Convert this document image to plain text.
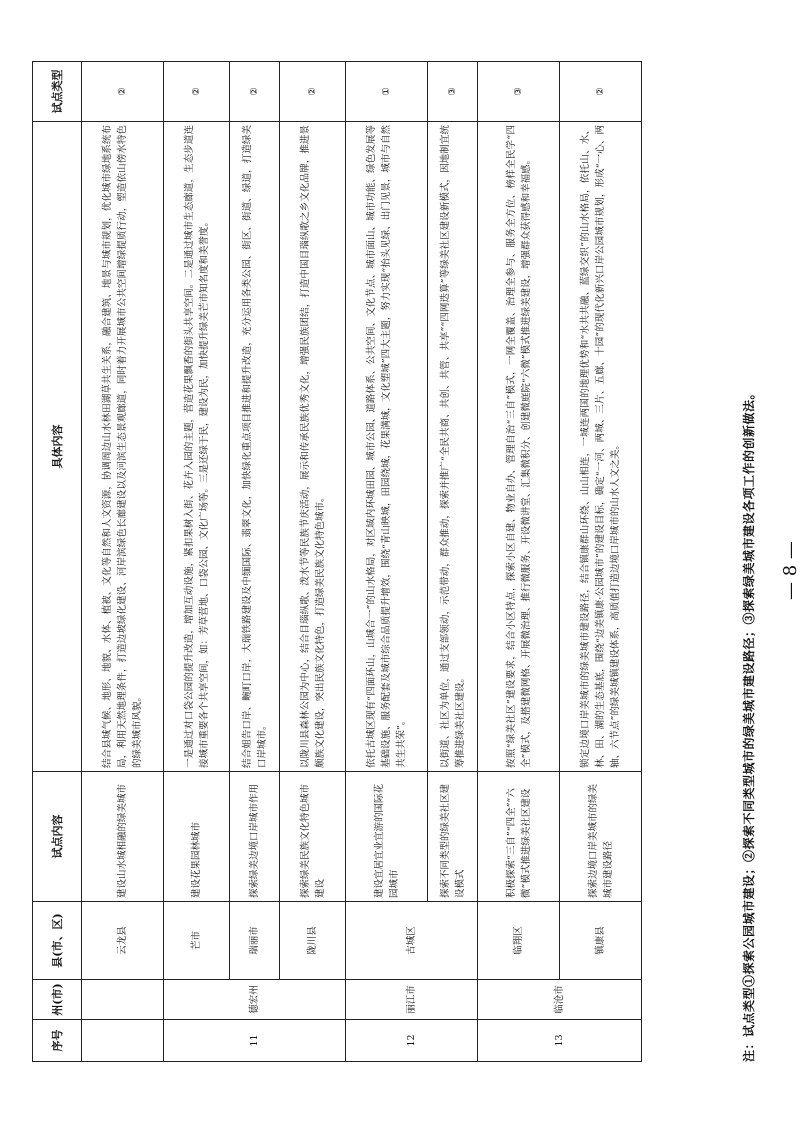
序号	州(市)	县(市、区)	试点内容	具体内容	试点类型
		云龙县	建设山水城相融的绿美城市	结合县城气候、地形、地貌、水体、植被、文化等自然和人文资源，协调周边山水林田湖草共生关系，融合建筑、地景与城市规划，优化城市绿地系统布局，利用天然地理条件，打造边坡绿化建设、河岸滨绿色长廊建设以及河滨生态景观廊道，同时着力开展城市公共空间增绿提质行动，塑造依山傍水特色的绿美城市风貌。	②
11	德宏州	芒市	建设花果园林城市	一是通过对口袋公园的提升改造，增加互动设施，紧扣果树入街、花卉入园的主题，营造花果飘香的街头共享空间。二是通过城市生态廊道，生态步道连接城市重要各个共享空间，如：芳草营地、口袋公园、文化广场等。三是还绿于民，建设为民，加快提升绿美芒市知名度和美誉度。	②
		瑞丽市	探索绿美边境口岸城市作用	结合姐告口岸、畹町口岸，大瑞铁路建设及中缅国际、翡翠文化，加快绿化重点项目推进和提升改造，充分运用各类公园、街区、街道、绿道，打造绿美口岸城市。	②
		陇川县	探索绿美民族文化特色城市建设	以陇川县森林公园为中心，结合目瑙纵歌、泼水节等民族节庆活动，展示和传承民族优秀文化，增强民族团结，打造中国目瑙纵歌之乡文化品牌，推进景颇族文化建设，突出民族文化特色，打造绿美民族文化特色城市。	②
12	丽江市	古城区	建设宜居宜业宜游的国际花园城市	依托古城区现有“四面环山，山城合一”的山水格局，对区域内环城田园、城市公园、道路体系、公共空间、文化节点、城市面山、城市功能、绿色发展等基础设施、服务配套及城市综合品质提升增效，围绕“青山映城，田园绕城，花果满城，文化塑城”四大主题，努力实现“抬头见绿、出门见景，城市与自然共生共荣”。	①
			探索不同类型的绿美社区建设模式	以街道、社区为单位，通过支部领动，示范带动，群众推动，探索并推广“全民共商、共创、共管、共享”“四网迭算”等绿美社区建设新模式，因地制宜统筹推进绿美社区建设。	③
13	临沧市	临翔区	积极探索“三自”“四全”“六微”模式推进绿美社区建设	按照“绿美社区”建设要求，结合小区特点，探索小区自建、物业自办、管理自治“三自”模式，一网全覆盖、治理全参与、服务全方位、榜样全民学“四全”模式，及搭建微网格、开展微治理、推行微服务、开设微讲堂、汇集微积分、创建微庭院“六微”模式推进绿美建设，增强群众获得感和幸福感。	③
		镇康县	探索边境口岸美城市的绿美城市建设路径	锁定边境口岸美城市的绿美城市建设路径，结合镇康群山环绕、山山相连，一城连两国的地理优势和“水共共融、蓝绿交织”的山水格局，依托山、水、林、田、湖的生态基底，围绕“边美镇康·公园城市”的建设目标，确定“一河、两城、三片、五廊、十园”的现代化新兴口岸公园城市规划，形成“一心、两轴、六节点”的绿美城镇建设体系，高质值打造边境口岸城市的山水人文之美。	②
注：试点类型①探索公园城市建设；②探索不同类型城市的绿美城市建设路径；③探索绿美城市建设各项工作的创新做法。 — 8 —
